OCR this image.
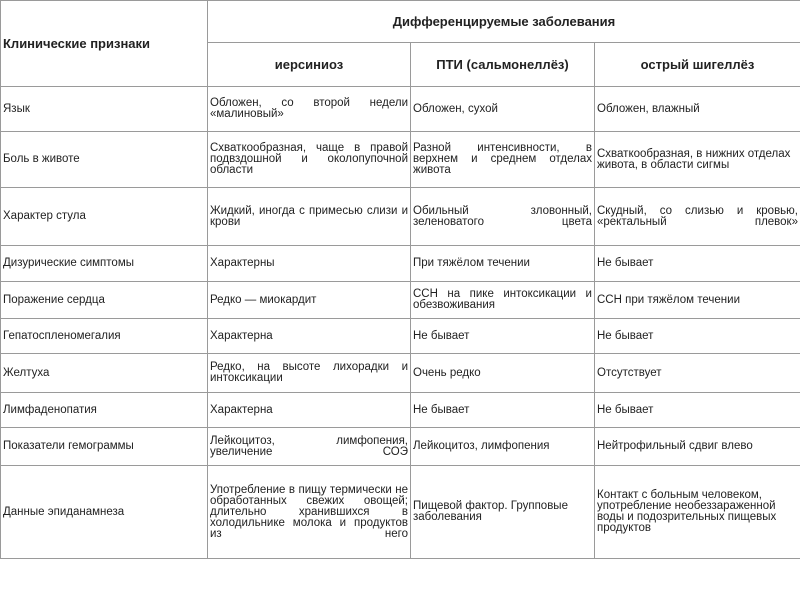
Клинические признаки	Дифференцируемые заболевания		
	иерсиниоз	ПТИ (сальмонеллёз)	острый шигеллёз
Язык	Обложен, со второй недели «малиновый»	Обложен, сухой	Обложен, влажный
Боль в животе	Схваткообразная, чаще в правой подвздошной и околопупочной области	Разной интенсивности, в верхнем и среднем отделах живота	Схваткообразная, в нижних отделах живота, в области сигмы
Характер стула	Жидкий, иногда с примесью слизи и крови	Обильный зловонный, зеленоватого цвета	Скудный, со слизью и кровью, «ректальный плевок»
Дизурические симптомы	Характерны	При тяжёлом течении	Не бывает
Поражение сердца	Редко — миокардит	ССН на пике интоксикации и обезвоживания	ССН при тяжёлом течении
Гепатоспленомегалия	Характерна	Не бывает	Не бывает
Желтуха	Редко, на высоте лихорадки и интоксикации	Очень редко	Отсутствует
Лимфаденопатия	Характерна	Не бывает	Не бывает
Показатели гемограммы	Лейкоцитоз, лимфопения, увеличение СОЭ	Лейкоцитоз, лимфопения	Нейтрофильный сдвиг влево
Данные эпиданамнеза	Употребление в пищу термически не обработанных свежих овощей; длительно хранившихся в холодильнике молока и продуктов из него	Пищевой фактор. Групповые заболевания	Контакт с больным человеком, употребление необеззараженной воды и подозрительных пищевых продуктов
